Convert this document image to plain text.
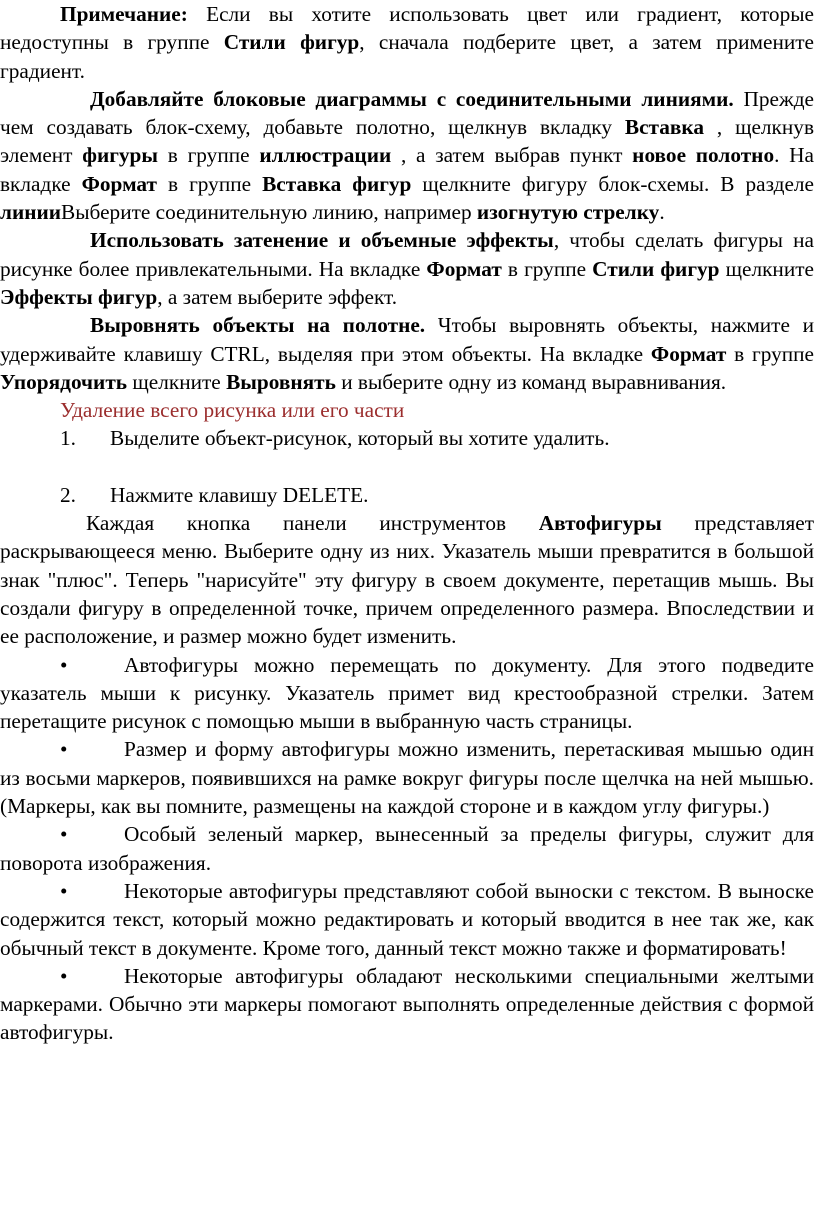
Примечание: Если вы хотите использовать цвет или градиент, которые недоступны в группе Стили фигур, сначала подберите цвет, а затем примените градиент.

Добавляйте блоковые диаграммы с соединительными линиями. Прежде чем создавать блок-схему, добавьте полотно, щелкнув вкладку Вставка , щелкнув элемент фигуры в группе иллюстрации , а затем выбрав пункт новое полотно. На вкладке Формат в группе Вставка фигур щелкните фигуру блок-схемы. В разделе линииВыберите соединительную линию, например изогнутую стрелку.

Использовать затенение и объемные эффекты, чтобы сделать фигуры на рисунке более привлекательными. На вкладке Формат в группе Стили фигур щелкните Эффекты фигур, а затем выберите эффект.

Выровнять объекты на полотне. Чтобы выровнять объекты, нажмите и удерживайте клавишу CTRL, выделяя при этом объекты. На вкладке Формат в группе Упорядочить щелкните Выровнять и выберите одну из команд выравнивания.

Удаление всего рисунка или его части

1.	Выделите объект-рисунок, который вы хотите удалить.
2.	Нажмите клавишу DELETE.

Каждая кнопка панели инструментов Автофигуры представляет раскрывающееся меню. Выберите одну из них. Указатель мыши превратится в большой знак "плюс". Теперь "нарисуйте" эту фигуру в своем документе, перетащив мышь. Вы создали фигуру в определенной точке, причем определенного размера. Впоследствии и ее расположение, и размер можно будет изменить.

•	Автофигуры можно перемещать по документу. Для этого подведите указатель мыши к рисунку. Указатель примет вид крестообразной стрелки. Затем перетащите рисунок с помощью мыши в выбранную часть страницы.

•	Размер и форму автофигуры можно изменить, перетаскивая мышью один из восьми маркеров, появившихся на рамке вокруг фигуры после щелчка на ней мышью. (Маркеры, как вы помните, размещены на каждой стороне и в каждом углу фигуры.)

•	Особый зеленый маркер, вынесенный за пределы фигуры, служит для поворота изображения.

•	Некоторые автофигуры представляют собой выноски с текстом. В выноске содержится текст, который можно редактировать и который вводится в нее так же, как обычный текст в документе. Кроме того, данный текст можно также и форматировать!

•	Некоторые автофигуры обладают несколькими специальными желтыми маркерами. Обычно эти маркеры помогают выполнять определенные действия с формой автофигуры.
